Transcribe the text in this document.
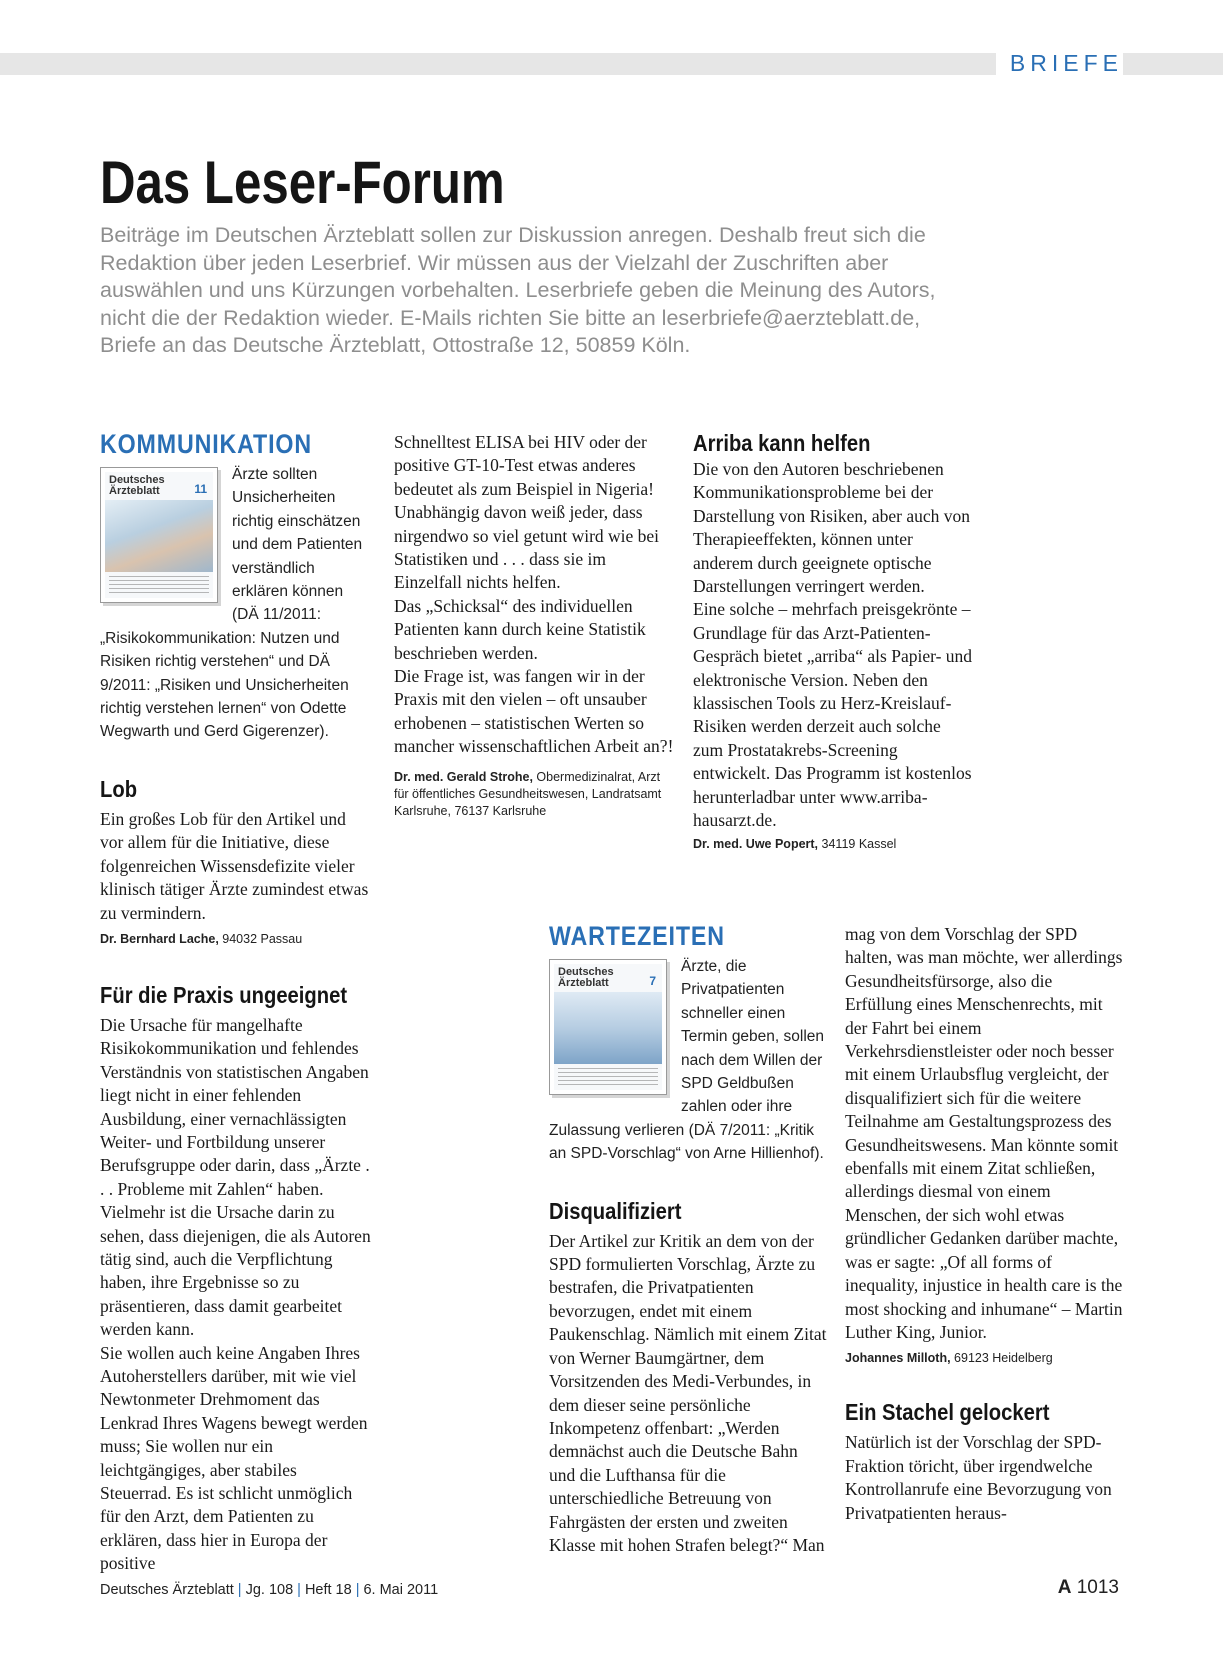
BRIEFE
Das Leser-Forum
Beiträge im Deutschen Ärzteblatt sollen zur Diskussion anregen. Deshalb freut sich die Redaktion über jeden Leserbrief. Wir müssen aus der Vielzahl der Zuschriften aber auswählen und uns Kürzungen vorbehalten. Leserbriefe geben die Meinung des Autors, nicht die der Redaktion wieder. E-Mails richten Sie bitte an leserbriefe@aerzteblatt.de, Briefe an das Deutsche Ärzteblatt, Ottostraße 12, 50859 Köln.
KOMMUNIKATION
Deutsches Ärzteblatt	11

Ärzte sollten Unsicherheiten richtig einschätzen und dem Patienten verständlich erklären können (DÄ 11/2011: „Risikokommunikation: Nutzen und Risiken richtig verstehen“ und DÄ 9/2011: „Risiken und Unsicherheiten richtig verstehen lernen“ von Odette Wegwarth und Gerd Gigerenzer).

Lob

Ein großes Lob für den Artikel und vor allem für die Initiative, diese folgenreichen Wissensdefizite vieler klinisch tätiger Ärzte zumindest etwas zu vermindern.

Dr. Bernhard Lache, 94032 Passau
Für die Praxis ungeeignet

Die Ursache für mangelhafte Risikokommunikation und fehlendes Verständnis von statistischen Angaben liegt nicht in einer fehlenden Ausbildung, einer vernachlässigten Weiter- und Fortbildung unserer Berufsgruppe oder darin, dass „Ärzte . . . Probleme mit Zahlen“ haben. Vielmehr ist die Ursache darin zu sehen, dass diejenigen, die als Autoren tätig sind, auch die Verpflichtung haben, ihre Ergebnisse so zu präsentieren, dass damit gearbeitet werden kann.

Sie wollen auch keine Angaben Ihres Autoherstellers darüber, mit wie viel Newtonmeter Drehmoment das Lenkrad Ihres Wagens bewegt werden muss; Sie wollen nur ein leichtgängiges, aber stabiles Steuerrad. Es ist schlicht unmöglich für den Arzt, dem Patienten zu erklären, dass hier in Europa der positive

Schnelltest ELISA bei HIV oder der positive GT-10-Test etwas anderes bedeutet als zum Beispiel in Nigeria! Unabhängig davon weiß jeder, dass nirgendwo so viel getunt wird wie bei Statistiken und . . . dass sie im Einzelfall nichts helfen.

Das „Schicksal“ des individuellen Patienten kann durch keine Statistik beschrieben werden.

Die Frage ist, was fangen wir in der Praxis mit den vielen – oft unsauber erhobenen – statistischen Werten so mancher wissenschaftlichen Arbeit an?!

Dr. med. Gerald Strohe, Obermedizinalrat, Arzt für öffentliches Gesundheitswesen, Landratsamt Karlsruhe, 76137 Karlsruhe
Arriba kann helfen

Die von den Autoren beschriebenen Kommunikationsprobleme bei der Darstellung von Risiken, aber auch von Therapieeffekten, können unter anderem durch geeignete optische Darstellungen verringert werden.

Eine solche – mehrfach preisgekrönte – Grundlage für das Arzt-Patienten-Gespräch bietet „arriba“ als Papier- und elektronische Version. Neben den klassischen Tools zu Herz-Kreislauf-Risiken werden derzeit auch solche zum Prostatakrebs-Screening entwickelt. Das Programm ist kostenlos herunterladbar unter www.arriba-hausarzt.de.

Dr. med. Uwe Popert, 34119 Kassel
WARTEZEITEN
Deutsches Ärzteblatt	7

Ärzte, die Privatpatienten schneller einen Termin geben, sollen nach dem Willen der SPD Geldbußen zahlen oder ihre Zulassung verlieren (DÄ 7/2011: „Kritik an SPD-Vorschlag“ von Arne Hillienhof).

Disqualifiziert

Der Artikel zur Kritik an dem von der SPD formulierten Vorschlag, Ärzte zu bestrafen, die Privatpatienten bevorzugen, endet mit einem Paukenschlag. Nämlich mit einem Zitat von Werner Baumgärtner, dem Vorsitzenden des Medi-Verbundes, in dem dieser seine persönliche Inkompetenz offenbart: „Werden demnächst auch die Deutsche Bahn und die Lufthansa für die unterschiedliche Betreuung von Fahrgästen der ersten und zweiten Klasse mit hohen Strafen belegt?“ Man

mag von dem Vorschlag der SPD halten, was man möchte, wer allerdings Gesundheitsfürsorge, also die Erfüllung eines Menschenrechts, mit der Fahrt bei einem Verkehrsdienstleister oder noch besser mit einem Urlaubsflug vergleicht, der disqualifiziert sich für die weitere Teilnahme am Gestaltungsprozess des Gesundheitswesens. Man könnte somit ebenfalls mit einem Zitat schließen, allerdings diesmal von einem Menschen, der sich wohl etwas gründlicher Gedanken darüber machte, was er sagte: „Of all forms of inequality, injustice in health care is the most shocking and inhumane“ – Martin Luther King, Junior.

Johannes Milloth, 69123 Heidelberg
Ein Stachel gelockert

Natürlich ist der Vorschlag der SPD-Fraktion töricht, über irgendwelche Kontrollanrufe eine Bevorzugung von Privatpatienten heraus-

Deutsches Ärzteblatt | Jg. 108 | Heft 18 | 6. Mai 2011	A 1013
